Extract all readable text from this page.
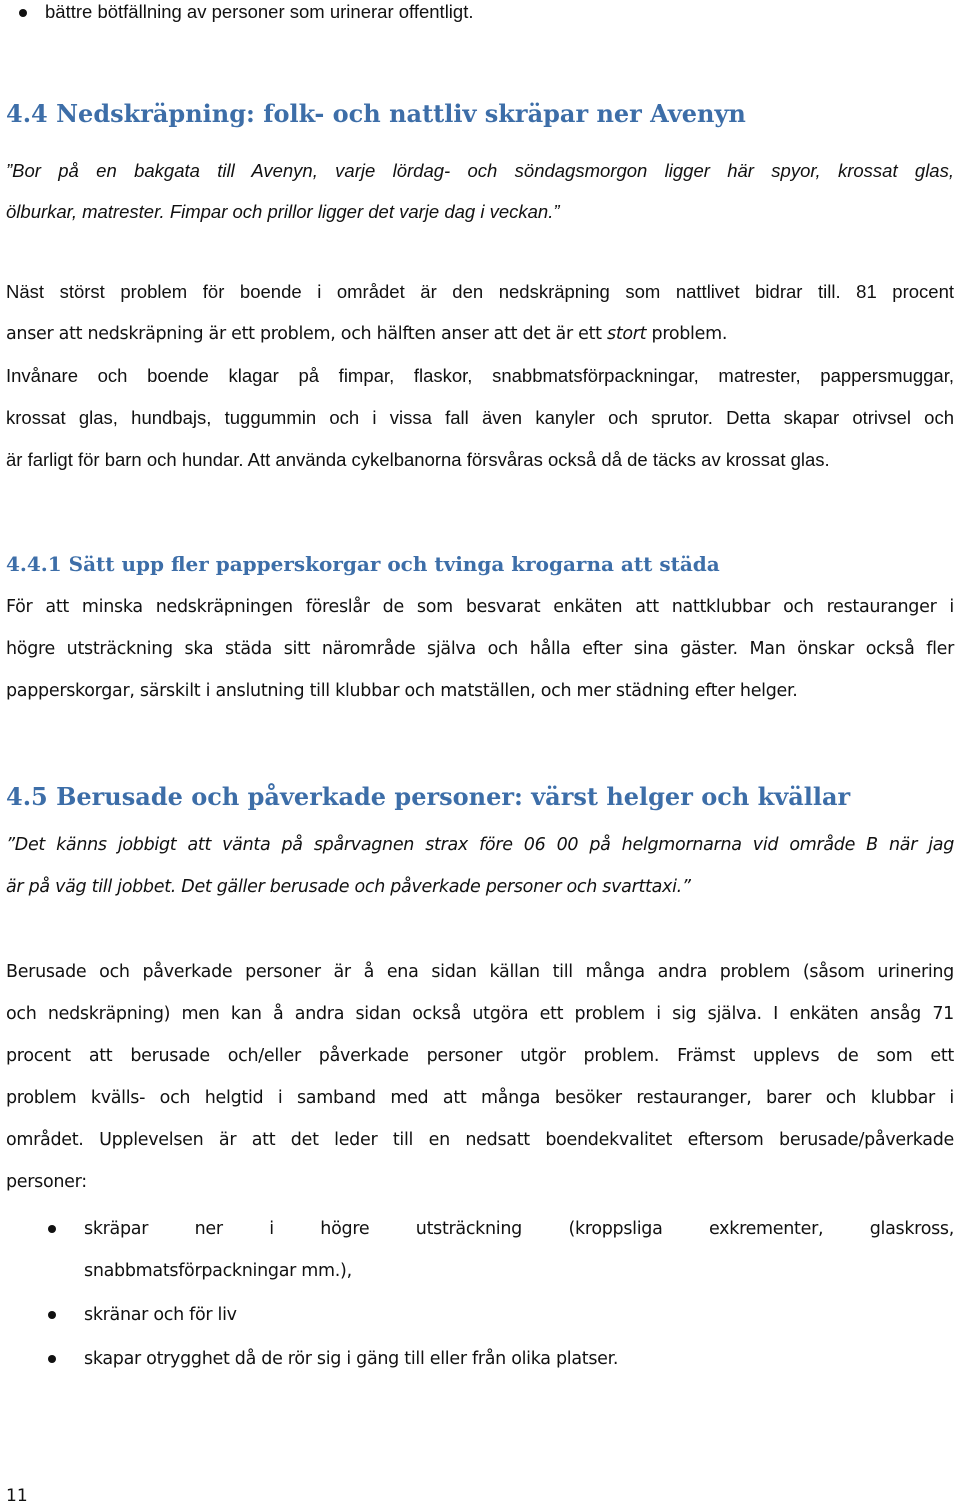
bättre bötfällning av personer som urinerar offentligt.
4.4 Nedskräpning: folk- och nattliv skräpar ner Avenyn
”Bor på en bakgata till Avenyn, varje lördag- och söndagsmorgon ligger här spyor, krossat glas,
ölburkar, matrester. Fimpar och prillor ligger det varje dag i veckan.”
Näst störst problem för boende i området är den nedskräpning som nattlivet bidrar till. 81 procent
anser att nedskräpning är ett problem, och hälften anser att det är ett stort problem.
Invånare och boende klagar på fimpar, flaskor, snabbmatsförpackningar, matrester, pappersmuggar,
krossat glas, hundbajs, tuggummin och i vissa fall även kanyler och sprutor. Detta skapar otrivsel och
är farligt för barn och hundar. Att använda cykelbanorna försvåras också då de täcks av krossat glas.
4.4.1 Sätt upp fler papperskorgar och tvinga krogarna att städa
För att minska nedskräpningen föreslår de som besvarat enkäten att nattklubbar och restauranger i
högre utsträckning ska städa sitt närområde själva och hålla efter sina gäster. Man önskar också fler
papperskorgar, särskilt i anslutning till klubbar och matställen, och mer städning efter helger.
4.5 Berusade och påverkade personer: värst helger och kvällar
”Det känns jobbigt att vänta på spårvagnen strax före 06 00 på helgmornarna vid område B när jag
är på väg till jobbet. Det gäller berusade och påverkade personer och svarttaxi.”
Berusade och påverkade personer är å ena sidan källan till många andra problem (såsom urinering
och nedskräpning) men kan å andra sidan också utgöra ett problem i sig själva. I enkäten ansåg 71
procent att berusade och/eller påverkade personer utgör problem. Främst upplevs de som ett
problem kvälls- och helgtid i samband med att många besöker restauranger, barer och klubbar i
området. Upplevelsen är att det leder till en nedsatt boendekvalitet eftersom berusade/påverkade
personer:
skräpar ner i högre utsträckning (kroppsliga exkrementer, glaskross,
snabbmatsförpackningar mm.),
skränar och för liv
skapar otrygghet då de rör sig i gäng till eller från olika platser.
11
